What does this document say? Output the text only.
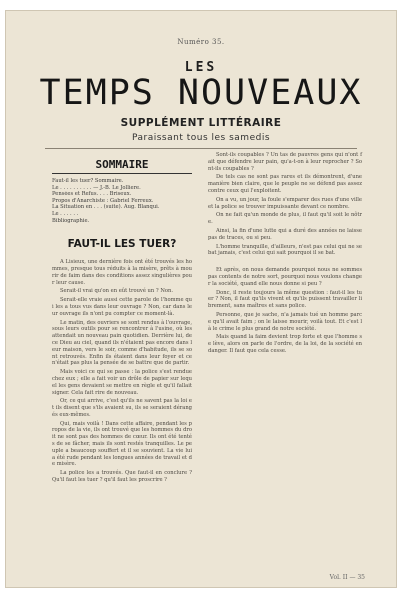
Numéro 35.
LES
TEMPS NOUVEAUX
SUPPLÉMENT LITTÉRAIRE
Paraissant tous les samedis
SOMMAIRE
Faut-il les tuer? Sommaire.
Le . . . . . . . . . . — J.-B. Le Jolliere.
Pensées et Refus. . . . Briseux.
Propos d'Anarchiste : Gabriel Ferreux.
La Situation en . . . (suite). Aug. Blanqui.
Le . . . . . .
Bibliographie.
FAUT-IL LES TUER?

A Lisieux, une dernière fois ont été trouvés les hommes, presque tous réduits à la misère, prêts à mourir de faim dans des conditions assez singulières pour leur cause.

Serait-il vrai qu'on en eût trouvé un ? Non.

Serait-elle vraie aussi cette parole de l'homme qui les a tous vus dans leur ouvrage ? Non, car dans leur ouvrage ils n'ont pu compter ce moment-là.

Le matin, des ouvriers se sont rendus à l'ouvrage, sous leurs outils pour se rencontrer à l'usine, où les attendait un nouveau pain quotidien. Derrière lui, de ce Dieu au ciel, quand ils n'étaient pas encore dans leur maison, vers le soir, comme d'habitude, ils se sont retrouvés. Enfin ils étaient dans leur foyer et ce n'était pas plus la pensée de se battre que de partir.

Mais voici ce qui se passe : la police s'est rendue chez eux ; elle a fait voir un drôle de papier sur lequel les gens devaient se mettre en règle et qu'il fallait signer. Cela fait rire de nouveau.

Or, ce qui arrive, c'est qu'ils ne savent pas la loi et ils disent que s'ils avaient su, ils se seraient dérangés eux-mêmes.

Qui, mais voilà ! Dans cette affaire, pendant les propos de la vie, ils ont trouvé que les hommes du droit ne sont pas des hommes de cœur. Ils ont été tentés de se fâcher, mais ils sont restés tranquilles. Le peuple a beaucoup souffert et il se souvient. La vie lui a été rude pendant les longues années de travail et de misère.

La police les a trouvés. Que faut-il en conclure ? Qu'il faut les tuer ? qu'il faut les proscrire ?

Sont-ils coupables ? Un tas de pauvres gens qui n'ont fait que défendre leur pain, qu'a-t-on à leur reprocher ? Sont-ils coupables ?

De tels cas ne sont pas rares et ils démontrent, d'une manière bien claire, que le peuple ne se défend pas assez contre ceux qui l'exploitent.

On a vu, un jour, la foule s'emparer des rues d'une ville et la police se trouver impuissante devant ce nombre.

On ne fait qu'un monde de plus, il faut qu'il soit le nôtre.

Ainsi, la fin d'une lutte qui a duré des années ne laisse pas de traces, ou si peu.

L'homme tranquille, d'ailleurs, n'est pas celui qui ne se bat jamais, c'est celui qui sait pourquoi il se bat.

Et après, on nous demande pourquoi nous ne sommes pas contents de notre sort, pourquoi nous voulons changer la société, quand elle nous donne si peu ?

Donc, il reste toujours la même question : faut-il les tuer ? Non, il faut qu'ils vivent et qu'ils puissent travailler librement, sans maîtres et sans police.

Personne, que je sache, n'a jamais tué un homme parce qu'il avait faim ; on le laisse mourir, voilà tout. Et c'est là le crime le plus grand de notre société.

Mais quand la faim devient trop forte et que l'homme se lève, alors on parle de l'ordre, de la loi, de la société en danger. Il faut que cela cesse.

Vol. II — 35
